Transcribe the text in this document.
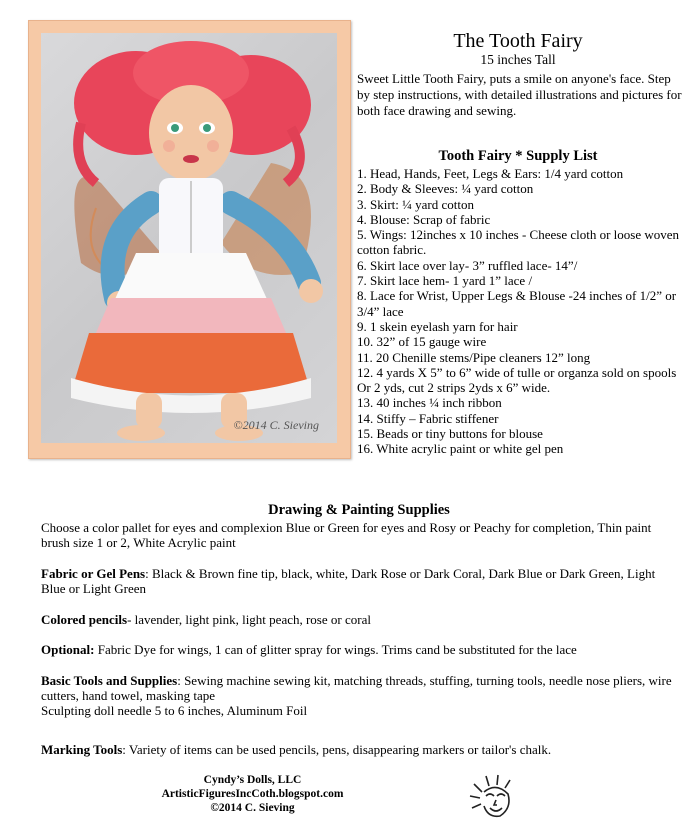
©2014 C. Sieving
The Tooth Fairy
15 inches Tall
Sweet Little Tooth Fairy, puts a smile on anyone's face. Step by step instructions, with detailed illustrations and pictures for both face drawing and sewing.
Tooth Fairy * Supply List
1. Head, Hands, Feet, Legs & Ears: 1/4 yard cotton
2. Body & Sleeves: ¼ yard cotton
3. Skirt: ¼ yard cotton
4. Blouse: Scrap of fabric
5. Wings: 12inches x 10 inches - Cheese cloth or loose woven cotton fabric.
6. Skirt lace over lay- 3” ruffled lace- 14”/
7. Skirt lace hem- 1 yard 1” lace /
8. Lace for Wrist, Upper Legs & Blouse -24 inches of 1/2” or 3/4” lace
9. 1 skein eyelash yarn for hair
10. 32” of 15 gauge wire
11. 20 Chenille stems/Pipe cleaners 12” long
12. 4 yards X 5” to 6” wide of tulle or organza sold on spools Or 2 yds, cut 2 strips 2yds x 6” wide.
13. 40 inches ¼ inch ribbon
14. Stiffy – Fabric stiffener
15. Beads or tiny buttons for blouse
16. White acrylic paint or white gel pen
Drawing & Painting Supplies
Choose a color pallet for eyes and complexion Blue or Green for eyes and Rosy or Peachy for completion, Thin paint brush size 1 or 2, White Acrylic paint
Fabric or Gel Pens: Black & Brown fine tip, black, white, Dark Rose or Dark Coral, Dark Blue or Dark Green, Light Blue or Light Green
Colored pencils- lavender, light pink, light peach, rose or coral
Optional: Fabric Dye for wings, 1 can of glitter spray for wings. Trims cand be substituted for the lace
Basic Tools and Supplies: Sewing machine sewing kit, matching threads, stuffing, turning tools, needle nose pliers, wire cutters, hand towel, masking tape
Sculpting doll needle 5 to 6 inches, Aluminum Foil
Marking Tools: Variety of items can be used pencils, pens, disappearing markers or tailor's chalk.
Cyndy’s Dolls, LLC
ArtisticFiguresIncCoth.blogspot.com
©2014 C. Sieving
